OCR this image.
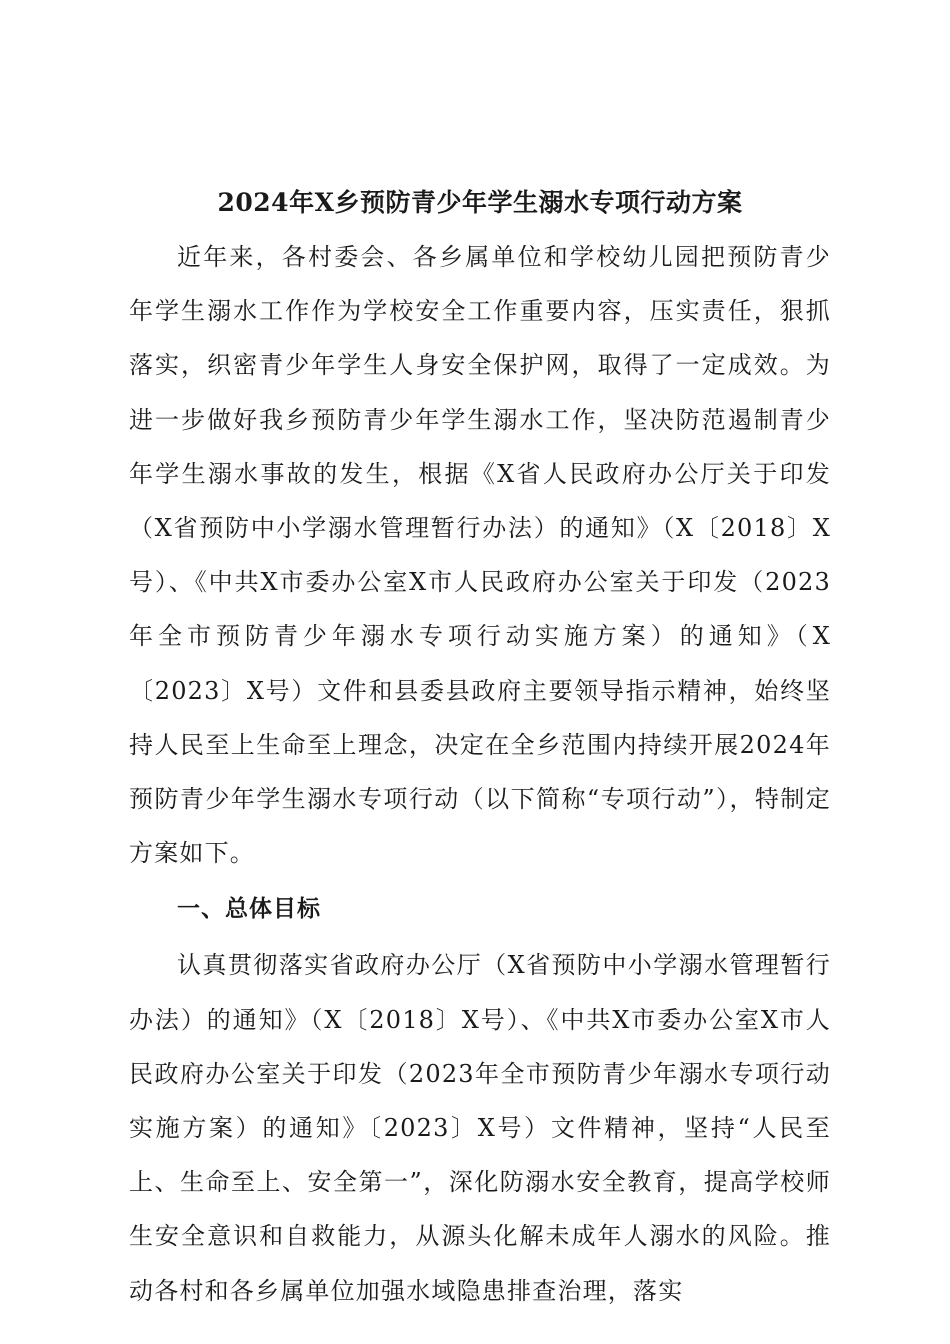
2024年X乡预防青少年学生溺水专项行动方案

近年来，各村委会、各乡属单位和学校幼儿园把预防青少年学生溺水工作作为学校安全工作重要内容，压实责任，狠抓落实，织密青少年学生人身安全保护网，取得了一定成效。为进一步做好我乡预防青少年学生溺水工作，坚决防范遏制青少年学生溺水事故的发生，根据《X省人民政府办公厅关于印发（X省预防中小学溺水管理暂行办法）的通知》（X〔2018〕X号）、《中共X市委办公室X市人民政府办公室关于印发（2023年全市预防青少年溺水专项行动实施方案）的通知》（X〔2023〕X号）文件和县委县政府主要领导指示精神，始终坚持人民至上生命至上理念，决定在全乡范围内持续开展2024年预防青少年学生溺水专项行动（以下简称“专项行动”），特制定方案如下。

一、总体目标

认真贯彻落实省政府办公厅（X省预防中小学溺水管理暂行办法）的通知》（X〔2018〕X号）、《中共X市委办公室X市人民政府办公室关于印发（2023年全市预防青少年溺水专项行动实施方案）的通知》〔2023〕X号）文件精神，坚持“人民至上、生命至上、安全第一”，深化防溺水安全教育，提高学校师生安全意识和自救能力，从源头化解未成年人溺水的风险。推动各村和各乡属单位加强水域隐患排查治理，落实
